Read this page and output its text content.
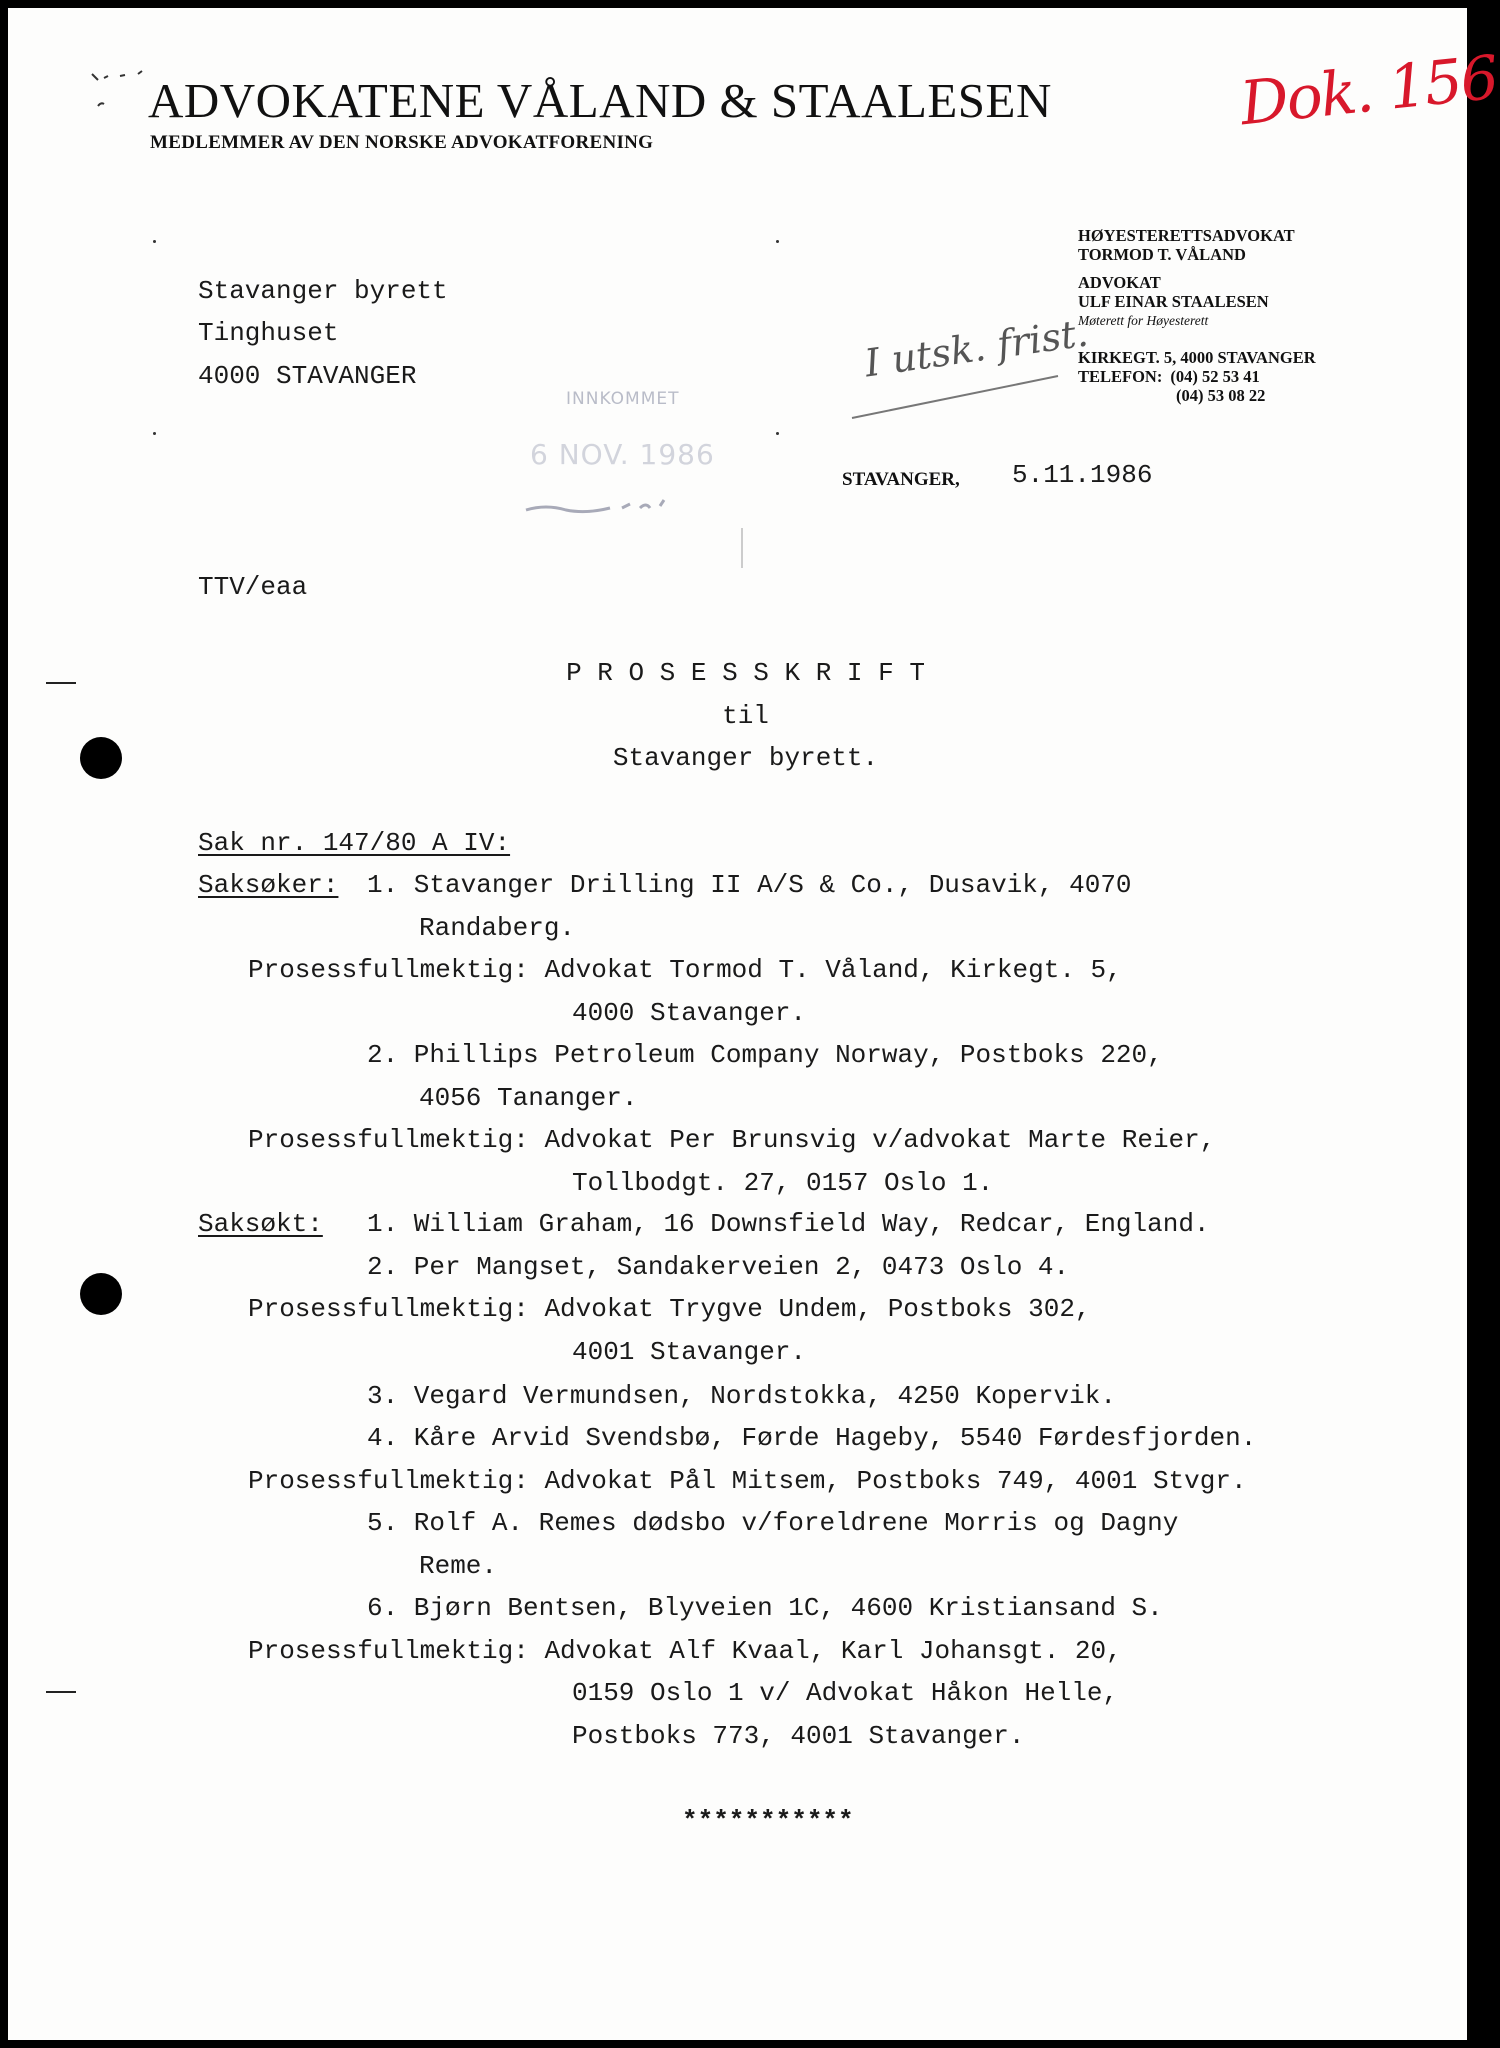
ADVOKATENE VÅLAND & STAALESEN
MEDLEMMER AV DEN NORSKE ADVOKATFORENING
Dok. 156
HØYESTERETTSADVOKAT
TORMOD T. VÅLAND
ADVOKAT
ULF EINAR STAALESEN
Møterett for Høyesterett
KIRKEGT. 5, 4000 STAVANGER
TELEFON: (04) 52 53 41
(04) 53 08 22
I utsk. frist.
Stavanger byrett
Tinghuset
4000 STAVANGER
INNKOMMET
6 NOV. 1986
STAVANGER, 5.11.1986
TTV/eaa
P R O S E S S K R I F T
til
Stavanger byrett.
Sak nr. 147/80 A IV:
Saksøker:
Saksøkt:
1. Stavanger Drilling II A/S & Co., Dusavik, 4070
Randaberg.
Prosessfullmektig: Advokat Tormod T. Våland, Kirkegt. 5,
4000 Stavanger.
2. Phillips Petroleum Company Norway, Postboks 220,
4056 Tananger.
Prosessfullmektig: Advokat Per Brunsvig v/advokat Marte Reier,
Tollbodgt. 27, 0157 Oslo 1.
1. William Graham, 16 Downsfield Way, Redcar, England.
2. Per Mangset, Sandakerveien 2, 0473 Oslo 4.
Prosessfullmektig: Advokat Trygve Undem, Postboks 302,
4001 Stavanger.
3. Vegard Vermundsen, Nordstokka, 4250 Kopervik.
4. Kåre Arvid Svendsbø, Førde Hageby, 5540 Førdesfjorden.
Prosessfullmektig: Advokat Pål Mitsem, Postboks 749, 4001 Stvgr.
5. Rolf A. Remes dødsbo v/foreldrene Morris og Dagny
Reme.
6. Bjørn Bentsen, Blyveien 1C, 4600 Kristiansand S.
Prosessfullmektig: Advokat Alf Kvaal, Karl Johansgt. 20,
0159 Oslo 1 v/ Advokat Håkon Helle,
Postboks 773, 4001 Stavanger.
***********
